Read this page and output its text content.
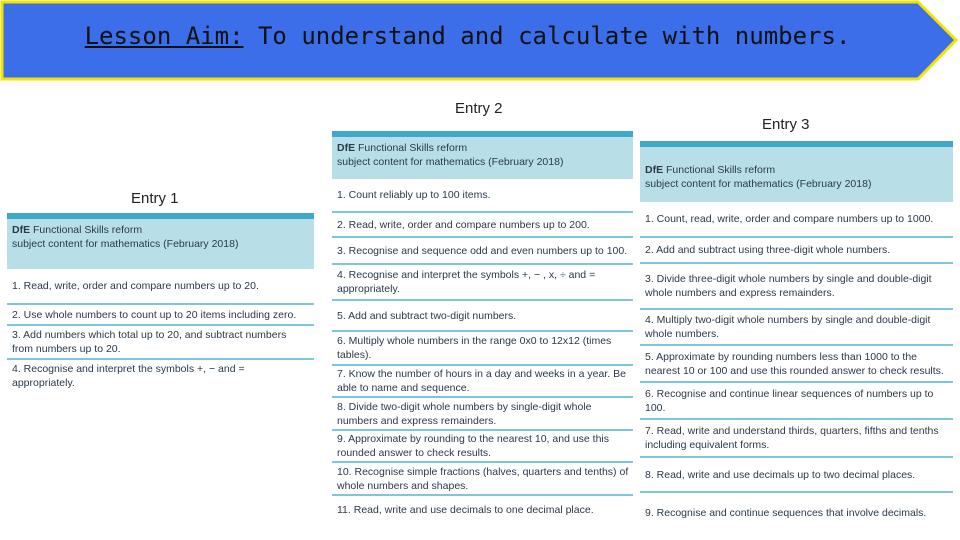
Lesson Aim: To understand and calculate with numbers.
Entry 1
DfE Functional Skills reform
subject content for mathematics (February 2018)
1. Read, write, order and compare numbers up to 20.
2. Use whole numbers to count up to 20 items including zero.
3. Add numbers which total up to 20, and subtract numbers from numbers up to 20.
4. Recognise and interpret the symbols +, − and = appropriately.
Entry 2
DfE Functional Skills reform
subject content for mathematics (February 2018)
1. Count reliably up to 100 items.
2. Read, write, order and compare numbers up to 200.
3. Recognise and sequence odd and even numbers up to 100.
4. Recognise and interpret the symbols +, − , x, ÷ and = appropriately.
5. Add and subtract two-digit numbers.
6. Multiply whole numbers in the range 0x0 to 12x12 (times tables).
7. Know the number of hours in a day and weeks in a year. Be able to name and sequence.
8. Divide two-digit whole numbers by single-digit whole numbers and express remainders.
9. Approximate by rounding to the nearest 10, and use this rounded answer to check results.
10. Recognise simple fractions (halves, quarters and tenths) of whole numbers and shapes.
11. Read, write and use decimals to one decimal place.
Entry 3
DfE Functional Skills reform
subject content for mathematics (February 2018)
1. Count, read, write, order and compare numbers up to 1000.
2. Add and subtract using three-digit whole numbers.
3. Divide three-digit whole numbers by single and double-digit whole numbers and express remainders.
4. Multiply two-digit whole numbers by single and double-digit whole numbers.
5. Approximate by rounding numbers less than 1000 to the nearest 10 or 100 and use this rounded answer to check results.
6. Recognise and continue linear sequences of numbers up to 100.
7. Read, write and understand thirds, quarters, fifths and tenths including equivalent forms.
8. Read, write and use decimals up to two decimal places.
9. Recognise and continue sequences that involve decimals.
